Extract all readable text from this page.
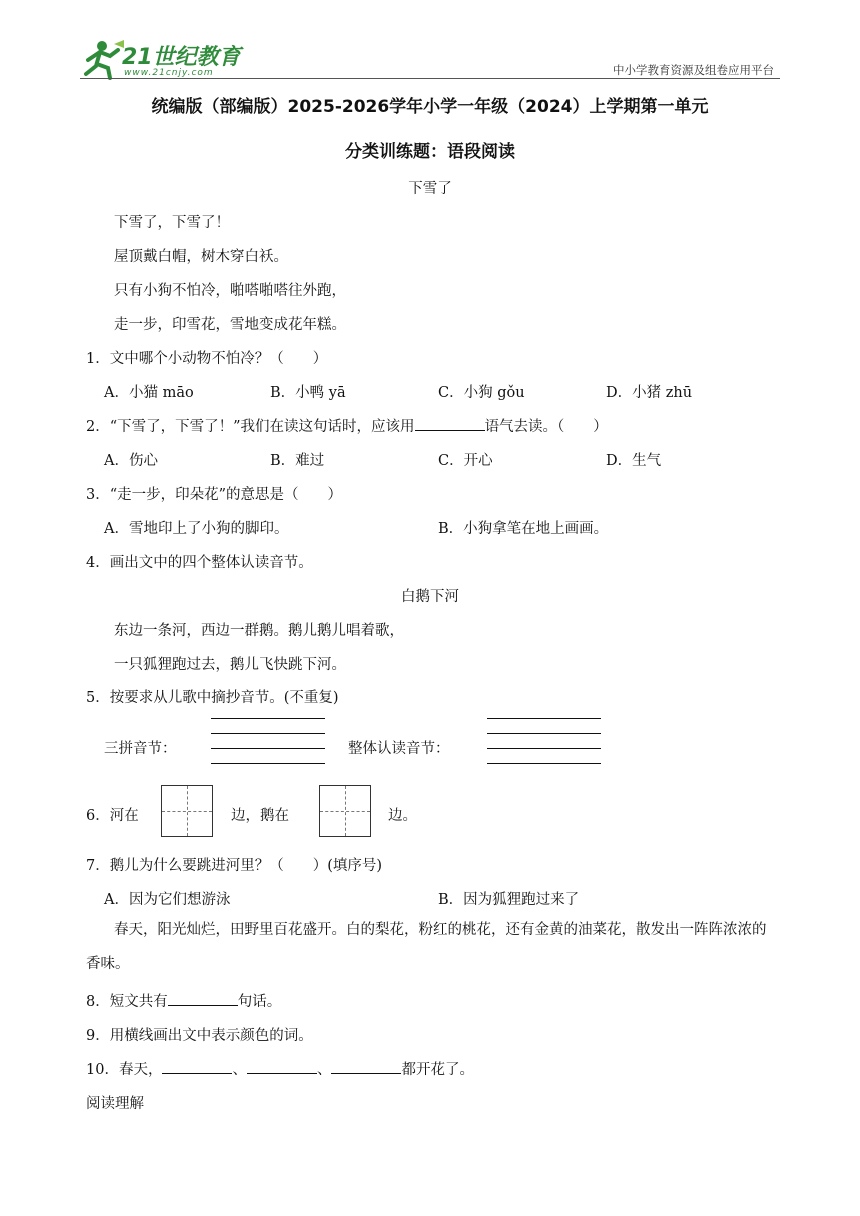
21世纪教育
www.21cnjy.com	中小学教育资源及组卷应用平台
统编版（部编版）2025-2026学年小学一年级（2024）上学期第一单元
分类训练题：语段阅读
下雪了
下雪了，下雪了！
屋顶戴白帽，树木穿白袄。
只有小狗不怕冷，啪嗒啪嗒往外跑，
走一步，印雪花，雪地变成花年糕。
1．文中哪个小动物不怕冷？（　　）
A．小猫 māo	B．小鸭 yā	C．小狗 gǒu	D．小猪 zhū
2．“下雪了，下雪了！”我们在读这句话时，应该用	语气去读。（　　）
A．伤心	B．难过	C．开心	D．生气
3．“走一步，印朵花”的意思是（　　）
A．雪地印上了小狗的脚印。	B．小狗拿笔在地上画画。
4．画出文中的四个整体认读音节。
白鹅下河
东边一条河，西边一群鹅。鹅儿鹅儿唱着歌，
一只狐狸跑过去，鹅儿飞快跳下河。
5．按要求从儿歌中摘抄音节。(不重复)
三拼音节：	整体认读音节：
6．河在	边，鹅在	边。
7．鹅儿为什么要跳进河里？（　　）(填序号)
A．因为它们想游泳	B．因为狐狸跑过来了
春天，阳光灿烂，田野里百花盛开。白的梨花，粉红的桃花，还有金黄的油菜花，散发出一阵阵浓浓的香味。
8．短文共有	句话。
9．用横线画出文中表示颜色的词。
10．春天，	、	、	都开花了。
阅读理解
